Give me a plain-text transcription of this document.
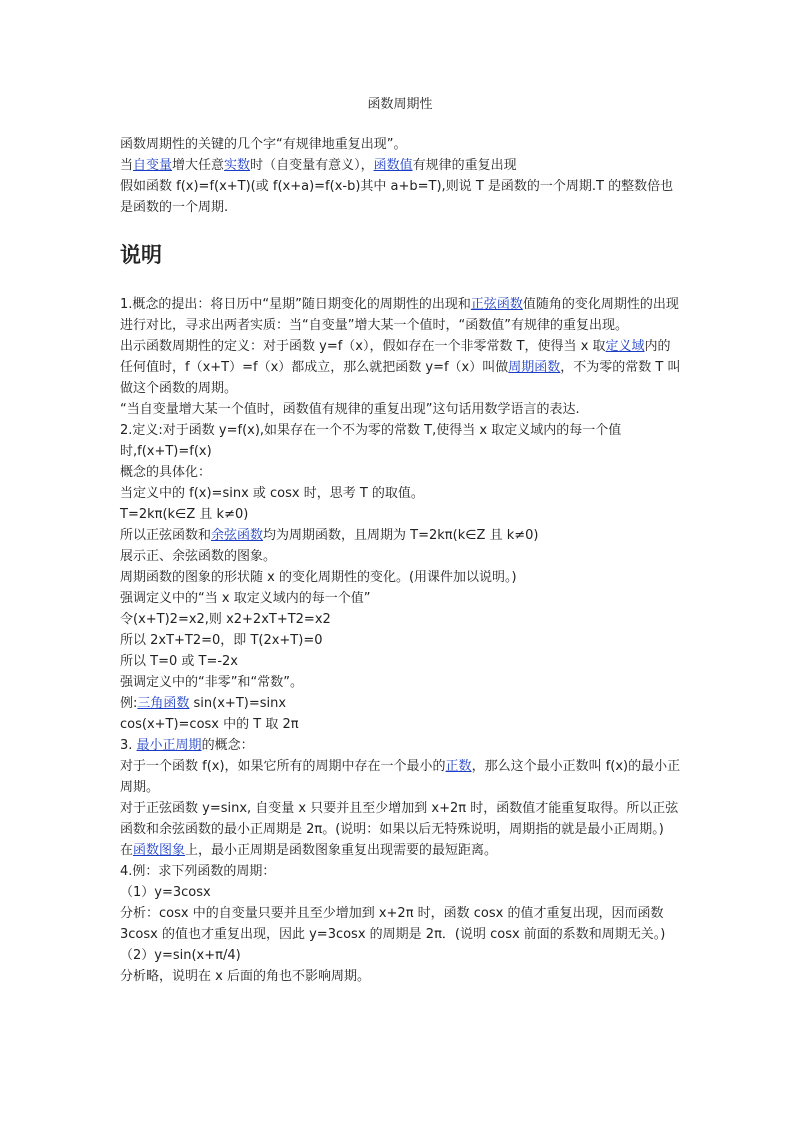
函数周期性

函数周期性的关键的几个字“有规律地重复出现”。

当自变量增大任意实数时（自变量有意义），函数值有规律的重复出现

假如函数 f(x)=f(x+T)(或 f(x+a)=f(x-b)其中 a+b=T),则说 T 是函数的一个周期.T 的整数倍也是函数的一个周期.

说明

1.概念的提出：将日历中“星期”随日期变化的周期性的出现和正弦函数值随角的变化周期性的出现进行对比，寻求出两者实质：当“自变量”增大某一个值时，“函数值”有规律的重复出现。

出示函数周期性的定义：对于函数 y=f（x），假如存在一个非零常数 T，使得当 x 取定义域内的任何值时，f（x+T）=f（x）都成立，那么就把函数 y=f（x）叫做周期函数，不为零的常数 T 叫做这个函数的周期。

“当自变量增大某一个值时，函数值有规律的重复出现”这句话用数学语言的表达.

2.定义:对于函数 y=f(x),如果存在一个不为零的常数 T,使得当 x 取定义域内的每一个值时,f(x+T)=f(x)

概念的具体化：

当定义中的 f(x)=sinx 或 cosx 时，思考 T 的取值。

T=2kπ(k∈Z 且 k≠0)

所以正弦函数和余弦函数均为周期函数，且周期为 T=2kπ(k∈Z 且 k≠0)

展示正、余弦函数的图象。

周期函数的图象的形状随 x 的变化周期性的变化。(用课件加以说明。)

强调定义中的“当 x 取定义域内的每一个值”

令(x+T)2=x2,则 x2+2xT+T2=x2

所以 2xT+T2=0，即 T(2x+T)=0

所以 T=0 或 T=-2x

强调定义中的“非零”和“常数”。

例:三角函数 sin(x+T)=sinx

cos(x+T)=cosx 中的 T 取 2π

3. 最小正周期的概念：

对于一个函数 f(x)，如果它所有的周期中存在一个最小的正数，那么这个最小正数叫 f(x)的最小正周期。

对于正弦函数 y=sinx, 自变量 x 只要并且至少增加到 x+2π 时，函数值才能重复取得。所以正弦函数和余弦函数的最小正周期是 2π。(说明：如果以后无特殊说明，周期指的就是最小正周期。)

在函数图象上，最小正周期是函数图象重复出现需要的最短距离。

4.例：求下列函数的周期：

（1）y=3cosx

分析：cosx 中的自变量只要并且至少增加到 x+2π 时，函数 cosx 的值才重复出现，因而函数 3cosx 的值也才重复出现，因此 y=3cosx 的周期是 2π．(说明 cosx 前面的系数和周期无关。)

（2）y=sin(x+π/4)

分析略，说明在 x 后面的角也不影响周期。
